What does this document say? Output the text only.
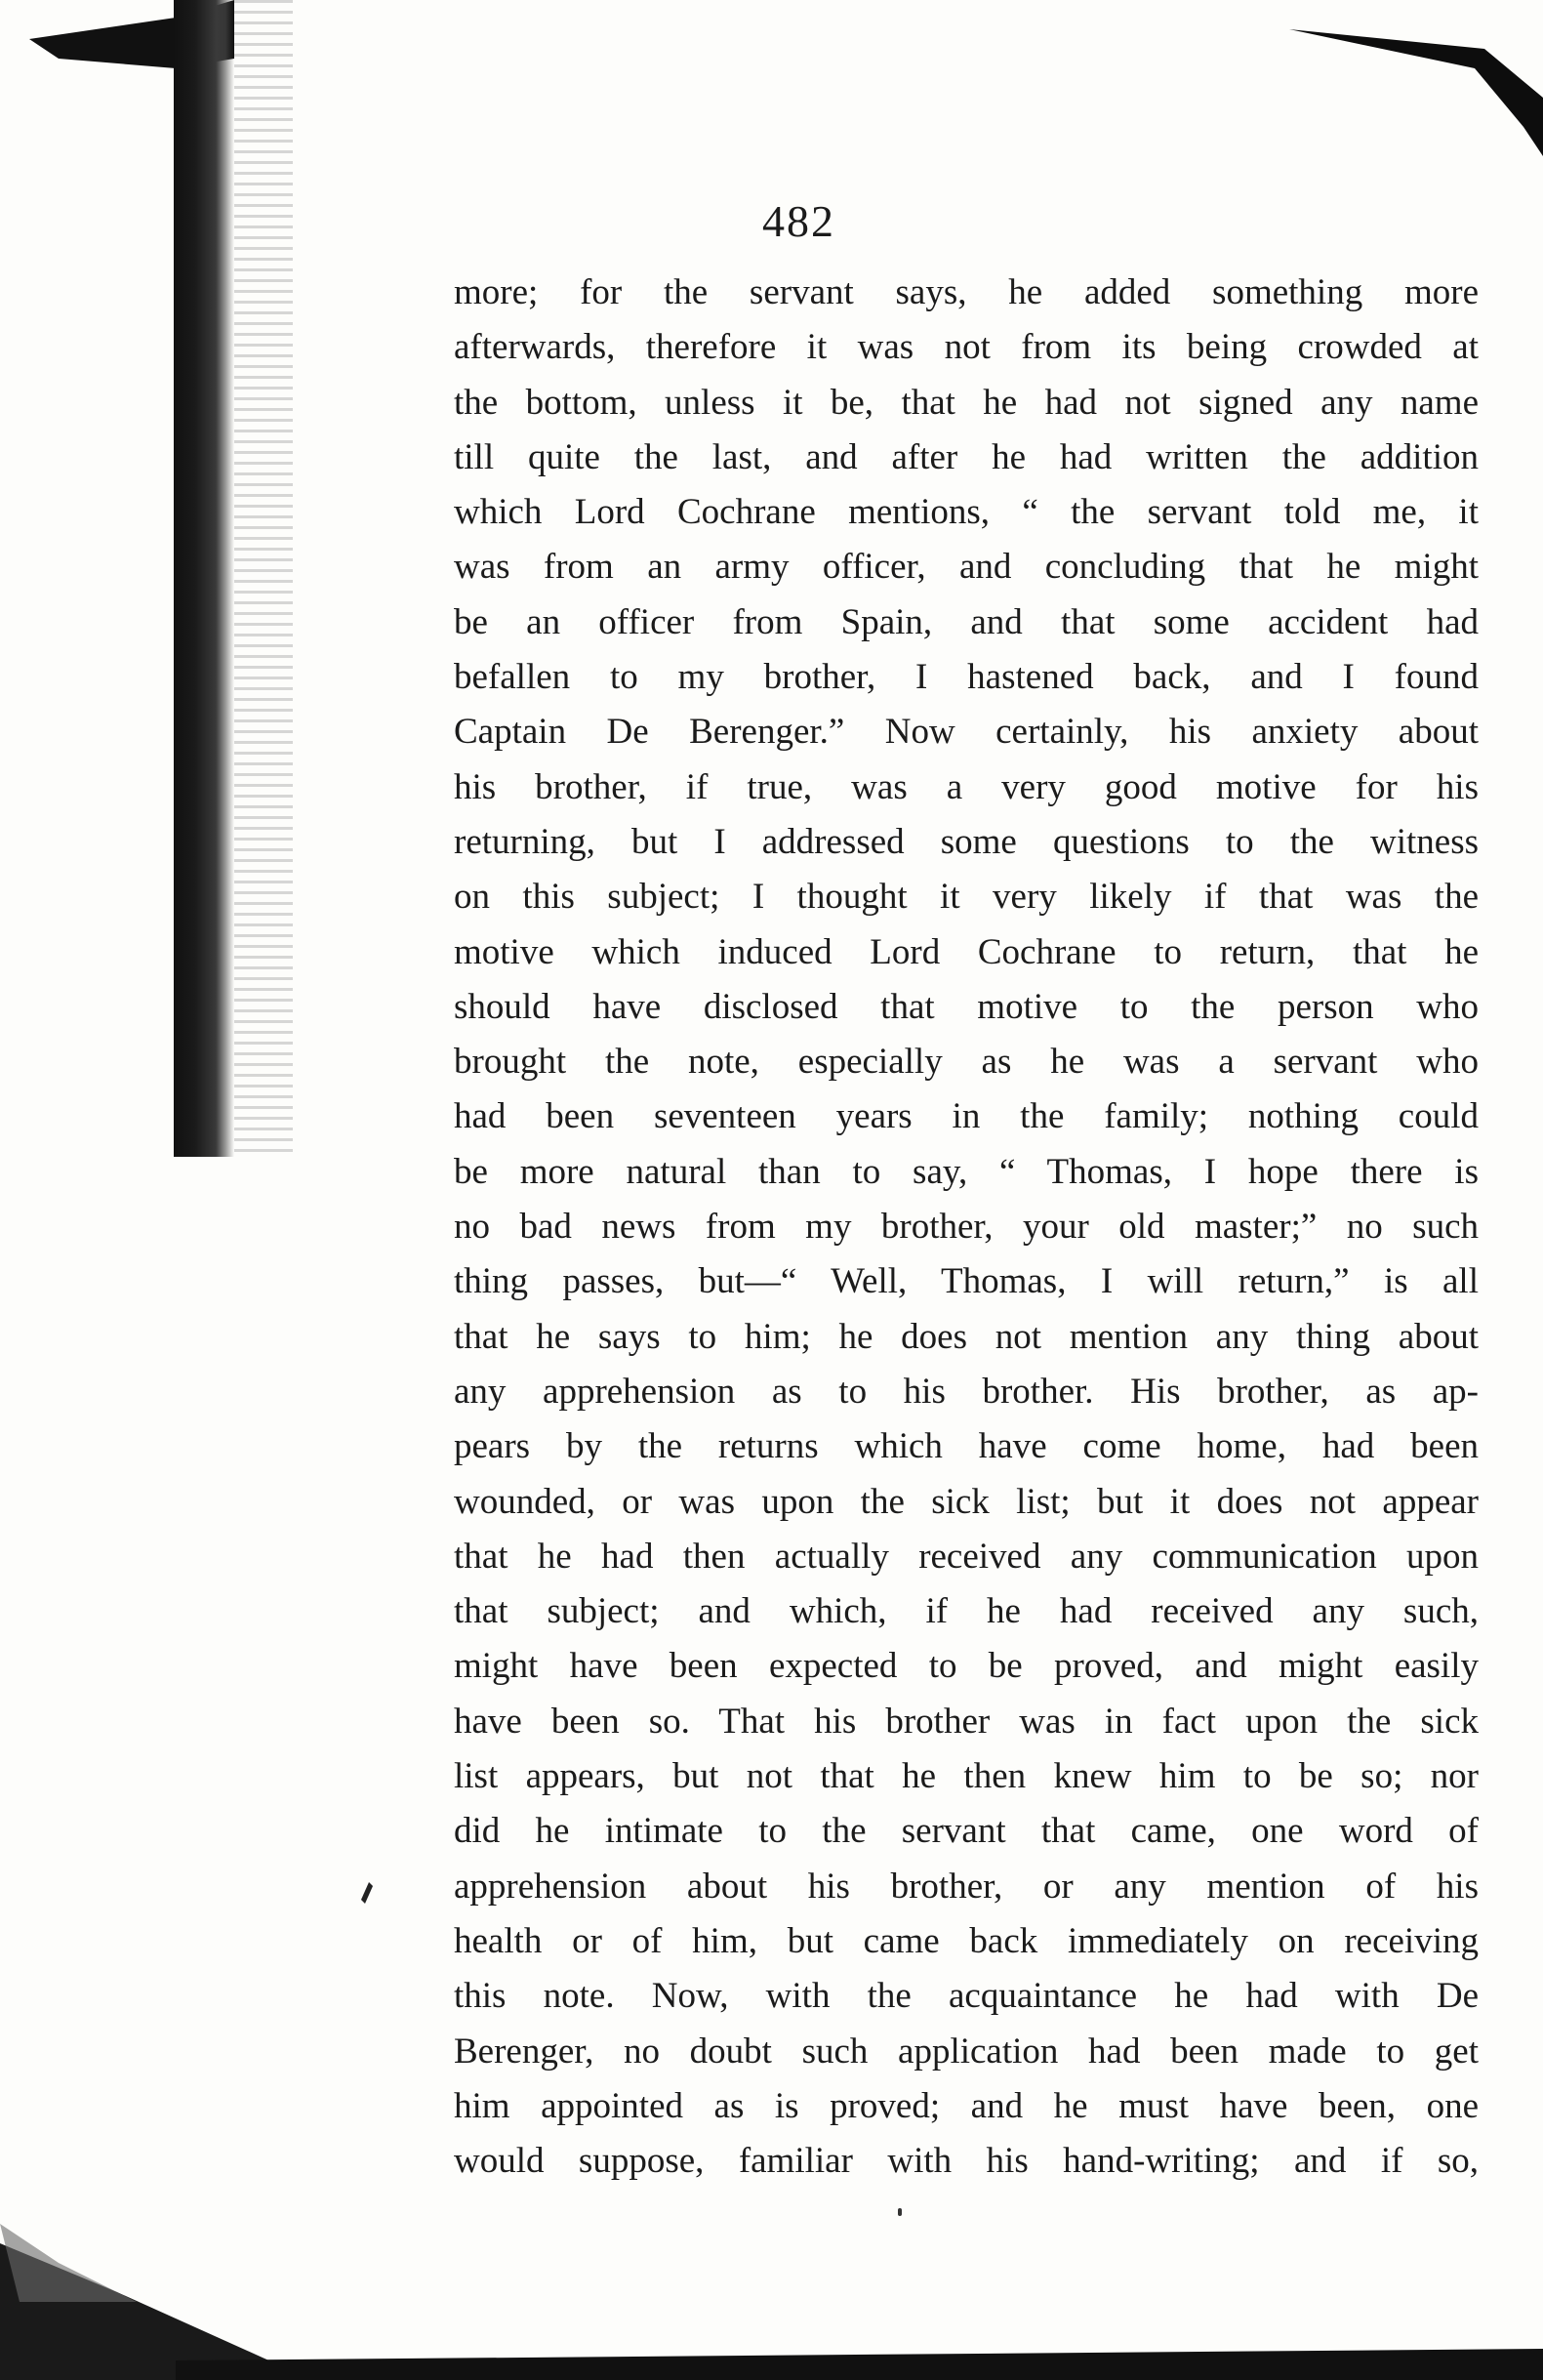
482
more; for the servant says, he added something more
afterwards, therefore it was not from its being crowded at
the bottom, unless it be, that he had not signed any name
till quite the last, and after he had written the addition
which Lord Cochrane mentions, “ the servant told me, it
was from an army officer, and concluding that he might
be an officer from Spain, and that some accident had
befallen to my brother, I hastened back, and I found
Captain De Berenger.” Now certainly, his anxiety about
his brother, if true, was a very good motive for his
returning, but I addressed some questions to the witness
on this subject; I thought it very likely if that was the
motive which induced Lord Cochrane to return, that he
should have disclosed that motive to the person who
brought the note, especially as he was a servant who
had been seventeen years in the family; nothing could
be more natural than to say, “ Thomas, I hope there is
no bad news from my brother, your old master;” no such
thing passes, but—“ Well, Thomas, I will return,” is all
that he says to him; he does not mention any thing about
any apprehension as to his brother. His brother, as ap-
pears by the returns which have come home, had been
wounded, or was upon the sick list; but it does not appear
that he had then actually received any communication upon
that subject; and which, if he had received any such,
might have been expected to be proved, and might easily
have been so. That his brother was in fact upon the sick
list appears, but not that he then knew him to be so; nor
did he intimate to the servant that came, one word of
apprehension about his brother, or any mention of his
health or of him, but came back immediately on receiving
this note. Now, with the acquaintance he had with De
Berenger, no doubt such application had been made to get
him appointed as is proved; and he must have been, one
would suppose, familiar with his hand-writing; and if so,
